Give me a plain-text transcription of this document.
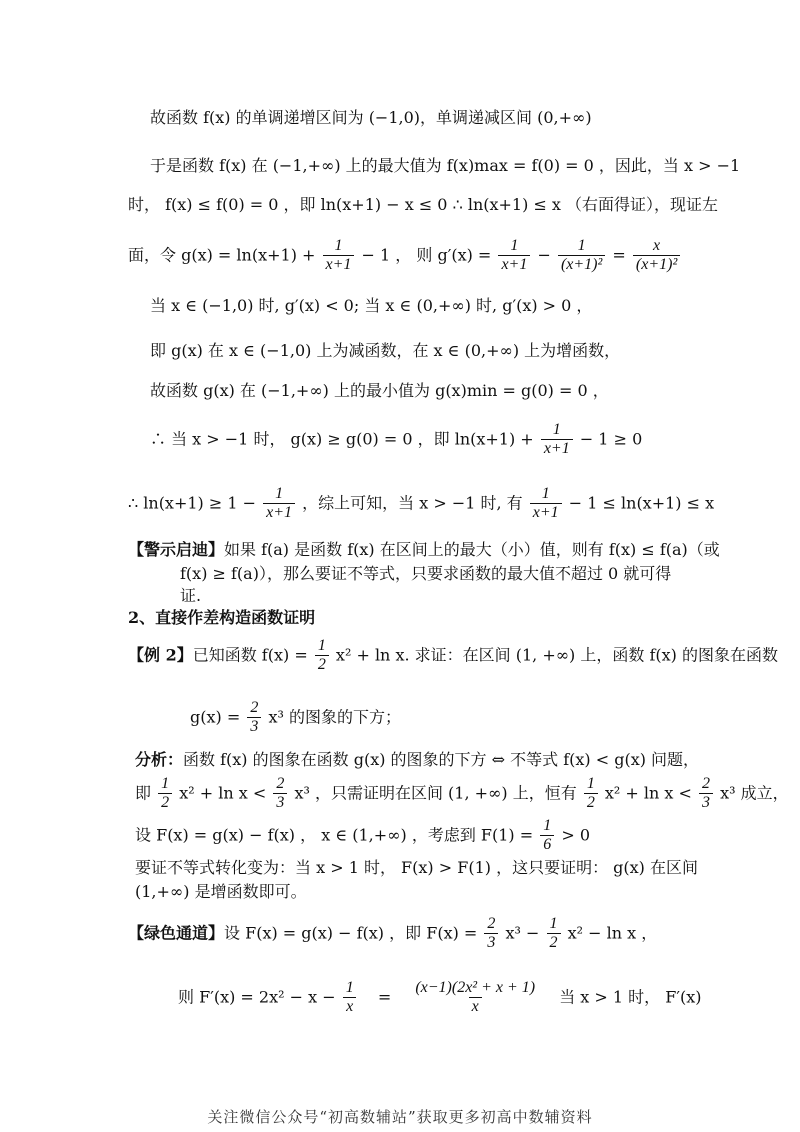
故函数 f(x) 的单调递增区间为 (−1,0)，单调递减区间 (0,+∞)
于是函数 f(x) 在 (−1,+∞) 上的最大值为 f(x)max = f(0) = 0 ，因此，当 x > −1
时， f(x) ≤ f(0) = 0 ，即 ln(x+1) − x ≤ 0 ∴ ln(x+1) ≤ x （右面得证），现证左
面，令 $g(x) = \ln(x+1) + \frac{1}{x+1} - 1$ ， 则 $g'(x) = \frac{1}{x+1} - \frac{1}{\text{(x+1)²}} = \frac{x}{\text{(x+1)²}}$
当 x ∈ (−1,0) 时, g′(x) < 0; 当 x ∈ (0,+∞) 时, g′(x) > 0 ，
即 g(x) 在 x ∈ (−1,0) 上为减函数，在 x ∈ (0,+∞) 上为增函数，
故函数 g(x) 在 (−1,+∞) 上的最小值为 g(x)min = g(0) = 0 ，
∴ 当 x > −1 时， g(x) ≥ g(0) = 0 ，即 $\ln(x+1) + \frac{1}{x+1} - 1 \ge 0$
∴ $\ln(x+1) \ge 1 - \frac{1}{x+1}$ ，综上可知，当 x > −1 时, 有 $\frac{1}{x+1} - 1 \le \ln(x+1) \le x$
【警示启迪】如果 f(a) 是函数 f(x) 在区间上的最大（小）值，则有 f(x) ≤ f(a)（或
f(x) ≥ f(a)），那么要证不等式，只要求函数的最大值不超过 0 就可得
证.
2、直接作差构造函数证明
【例 2】已知函数 $f(x) = \frac{1}{2} x^2 + \ln x$. 求证：在区间 (1, +∞) 上，函数 f(x) 的图象在函数
$g(x) = \frac{2}{3} x^3$ 的图象的下方；
分析：函数 f(x) 的图象在函数 g(x) 的图象的下方 ⇔ 不等式 f(x) < g(x) 问题，
即 $\frac{1}{2} x^2 + \ln x < \frac{2}{3} x^3$ ，只需证明在区间 (1, +∞) 上，恒有 $\frac{1}{2} x^2 + \ln x < \frac{2}{3} x^3$ 成立，
设 F(x) = g(x) − f(x) ， x ∈ (1,+∞) ，考虑到 $F(1) = \frac{1}{6} > 0$
要证不等式转化变为：当 x > 1 时， F(x) > F(1) ，这只要证明： g(x) 在区间
(1,+∞) 是增函数即可。
【绿色通道】设 F(x) = g(x) − f(x) ，即 $F(x) = \frac{2}{3} x^3 - \frac{1}{2} x^2 - \ln x$ ，
则 $F'(x) = 2x^2 - x - \frac{1}{x} = \frac{\text{(x−1)(2x² + x + 1)}}{x}$ 当 x > 1 时， F′(x)
关注微信公众号“初高数辅站”获取更多初高中数辅资料
